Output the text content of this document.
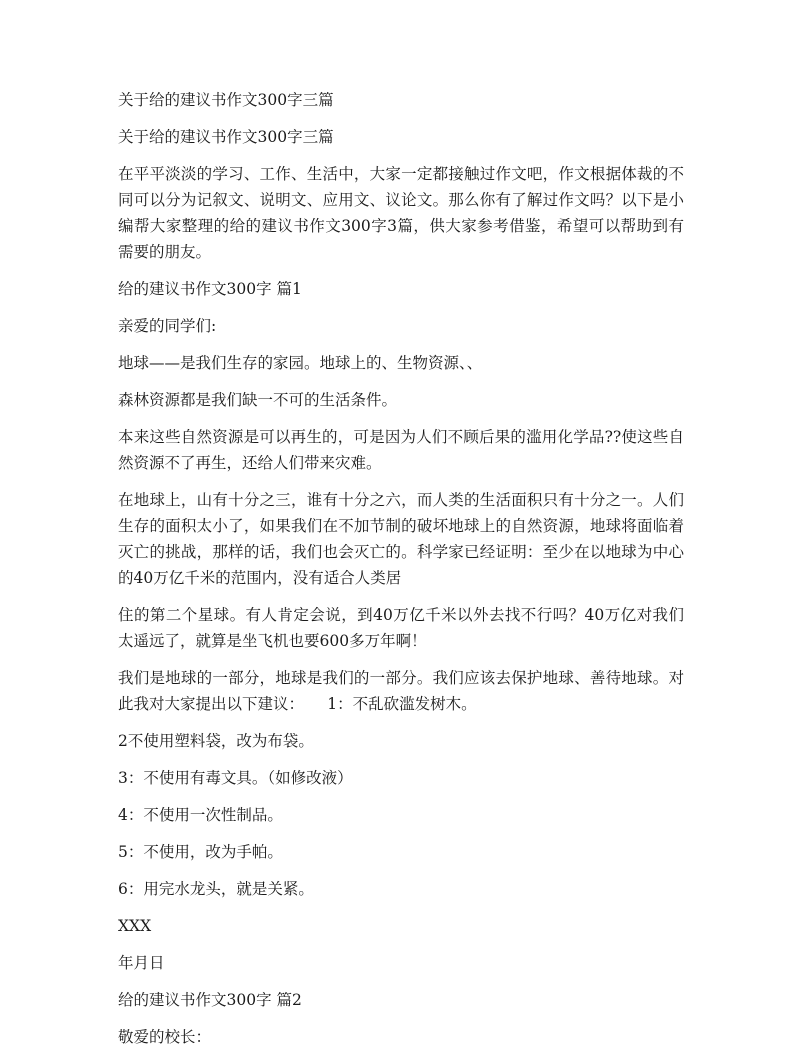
关于给的建议书作文300字三篇

关于给的建议书作文300字三篇

在平平淡淡的学习、工作、生活中，大家一定都接触过作文吧，作文根据体裁的不同可以分为记叙文、说明文、应用文、议论文。那么你有了解过作文吗？以下是小编帮大家整理的给的建议书作文300字3篇，供大家参考借鉴，希望可以帮助到有需要的朋友。

给的建议书作文300字 篇1

亲爱的同学们:

地球——是我们生存的家园。地球上的、生物资源、、

森林资源都是我们缺一不可的生活条件。

本来这些自然资源是可以再生的，可是因为人们不顾后果的滥用化学品??使这些自然资源不了再生，还给人们带来灾难。

在地球上，山有十分之三，谁有十分之六，而人类的生活面积只有十分之一。人们生存的面积太小了，如果我们在不加节制的破坏地球上的自然资源，地球将面临着灭亡的挑战，那样的话，我们也会灭亡的。科学家已经证明：至少在以地球为中心的40万亿千米的范围内，没有适合人类居

住的第二个星球。有人肯定会说，到40万亿千米以外去找不行吗？40万亿对我们太遥远了，就算是坐飞机也要600多万年啊！

我们是地球的一部分，地球是我们的一部分。我们应该去保护地球、善待地球。对此我对大家提出以下建议：　　1：不乱砍滥发树木。

2不使用塑料袋，改为布袋。

3：不使用有毒文具。（如修改液）

4：不使用一次性制品。

5：不使用，改为手帕。

6：用完水龙头，就是关紧。

XXX

年月日

给的建议书作文300字 篇2

敬爱的校长：
